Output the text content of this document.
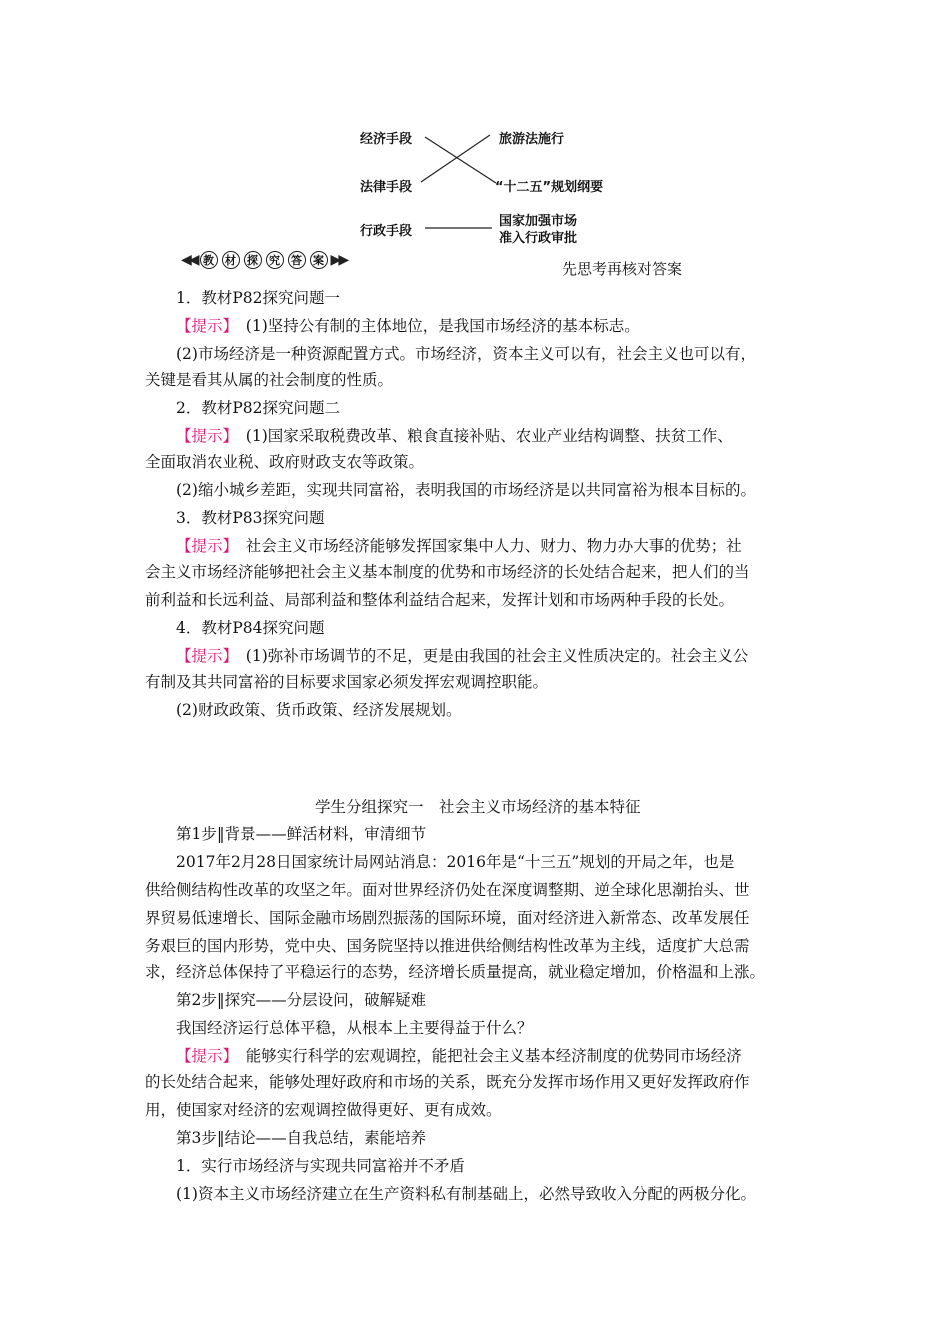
经济手段
法律手段
行政手段
旅游法施行
“十二五”规划纲要
国家加强市场
准入行政审批
◀◀ 教	材	探	究	答	案 ▶▶	先思考再核对答案
1．教材P82探究问题一
【提示】　 (1)坚持公有制的主体地位，是我国市场经济的基本标志。
(2)市场经济是一种资源配置方式。市场经济，资本主义可以有，社会主义也可以有，
关键是看其从属的社会制度的性质。
2．教材P82探究问题二
【提示】　 (1)国家采取税费改革、粮食直接补贴、农业产业结构调整、扶贫工作、
全面取消农业税、政府财政支农等政策。
(2)缩小城乡差距，实现共同富裕，表明我国的市场经济是以共同富裕为根本目标的。
3．教材P83探究问题
【提示】　 社会主义市场经济能够发挥国家集中人力、财力、物力办大事的优势；社
会主义市场经济能够把社会主义基本制度的优势和市场经济的长处结合起来，把人们的当
前利益和长远利益、局部利益和整体利益结合起来，发挥计划和市场两种手段的长处。
4．教材P84探究问题
【提示】　 (1)弥补市场调节的不足，更是由我国的社会主义性质决定的。社会主义公
有制及其共同富裕的目标要求国家必须发挥宏观调控职能。
(2)财政政策、货币政策、经济发展规划。
学生分组探究一　社会主义市场经济的基本特征
第1步‖背景——鲜活材料，审清细节
2017年2月28日国家统计局网站消息：2016年是“十三五”规划的开局之年，也是
供给侧结构性改革的攻坚之年。面对世界经济仍处在深度调整期、逆全球化思潮抬头、世
界贸易低速增长、国际金融市场剧烈振荡的国际环境，面对经济进入新常态、改革发展任
务艰巨的国内形势，党中央、国务院坚持以推进供给侧结构性改革为主线，适度扩大总需
求，经济总体保持了平稳运行的态势，经济增长质量提高，就业稳定增加，价格温和上涨。
第2步‖探究——分层设问，破解疑难
我国经济运行总体平稳，从根本上主要得益于什么？
【提示】　 能够实行科学的宏观调控，能把社会主义基本经济制度的优势同市场经济
的长处结合起来，能够处理好政府和市场的关系，既充分发挥市场作用又更好发挥政府作
用，使国家对经济的宏观调控做得更好、更有成效。
第3步‖结论——自我总结，素能培养
1．实行市场经济与实现共同富裕并不矛盾
(1)资本主义市场经济建立在生产资料私有制基础上，必然导致收入分配的两极分化。
